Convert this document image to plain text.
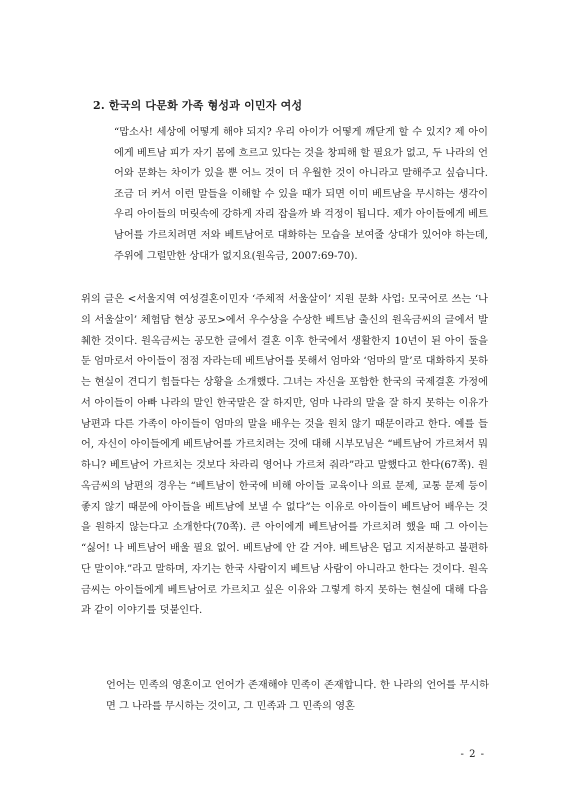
2. 한국의 다문화 가족 형성과 이민자 여성

“맙소사! 세상에 어떻게 해야 되지? 우리 아이가 어떻게 깨닫게 할 수 있지? 제 아이에게 베트남 피가 자기 몸에 흐르고 있다는 것을 창피해 할 필요가 없고, 두 나라의 언어와 문화는 차이가 있을 뿐 어느 것이 더 우월한 것이 아니라고 말해주고 싶습니다. 조금 더 커서 이런 말들을 이해할 수 있을 때가 되면 이미 베트남을 무시하는 생각이 우리 아이들의 머릿속에 강하게 자리 잡을까 봐 걱정이 됩니다. 제가 아이들에게 베트남어를 가르치려면 저와 베트남어로 대화하는 모습을 보여줄 상대가 있어야 하는데, 주위에 그럴만한 상대가 없지요(원옥금, 2007:69-70).

위의 글은 <서울지역 여성결혼이민자 ‘주체적 서울살이’ 지원 문화 사업: 모국어로 쓰는 ‘나의 서울살이’ 체험담 현상 공모>에서 우수상을 수상한 베트남 출신의 원옥금씨의 글에서 발췌한 것이다. 원옥금씨는 공모한 글에서 결혼 이후 한국에서 생활한지 10년이 된 아이 둘을 둔 엄마로서 아이들이 점점 자라는데 베트남어를 못해서 엄마와 ‘엄마의 말’로 대화하지 못하는 현실이 견디기 힘들다는 상황을 소개했다. 그녀는 자신을 포함한 한국의 국제결혼 가정에서 아이들이 아빠 나라의 말인 한국말은 잘 하지만, 엄마 나라의 말을 잘 하지 못하는 이유가 남편과 다른 가족이 아이들이 엄마의 말을 배우는 것을 원치 않기 때문이라고 한다. 예를 들어, 자신이 아이들에게 베트남어를 가르치려는 것에 대해 시부모님은 “베트남어 가르쳐서 뭐하니? 베트남어 가르치는 것보다 차라리 영어나 가르쳐 줘라”라고 말했다고 한다(67쪽). 원옥금씨의 남편의 경우는 “베트남이 한국에 비해 아이들 교육이나 의료 문제, 교통 문제 등이 좋지 않기 때문에 아이들을 베트남에 보낼 수 없다”는 이유로 아이들이 베트남어 배우는 것을 원하지 않는다고 소개한다(70쪽). 큰 아이에게 베트남어를 가르치려 했을 때 그 아이는 “싫어! 나 베트남어 배울 필요 없어. 베트남에 안 갈 거야. 베트남은 덥고 지저분하고 불편하단 말이야.”라고 말하며, 자기는 한국 사람이지 베트남 사람이 아니라고 한다는 것이다. 원옥금씨는 아이들에게 베트남어로 가르치고 싶은 이유와 그렇게 하지 못하는 현실에 대해 다음과 같이 이야기를 덧붙인다.

언어는 민족의 영혼이고 언어가 존재해야 민족이 존재합니다. 한 나라의 언어를 무시하면 그 나라를 무시하는 것이고, 그 민족과 그 민족의 영혼

- 2 -
